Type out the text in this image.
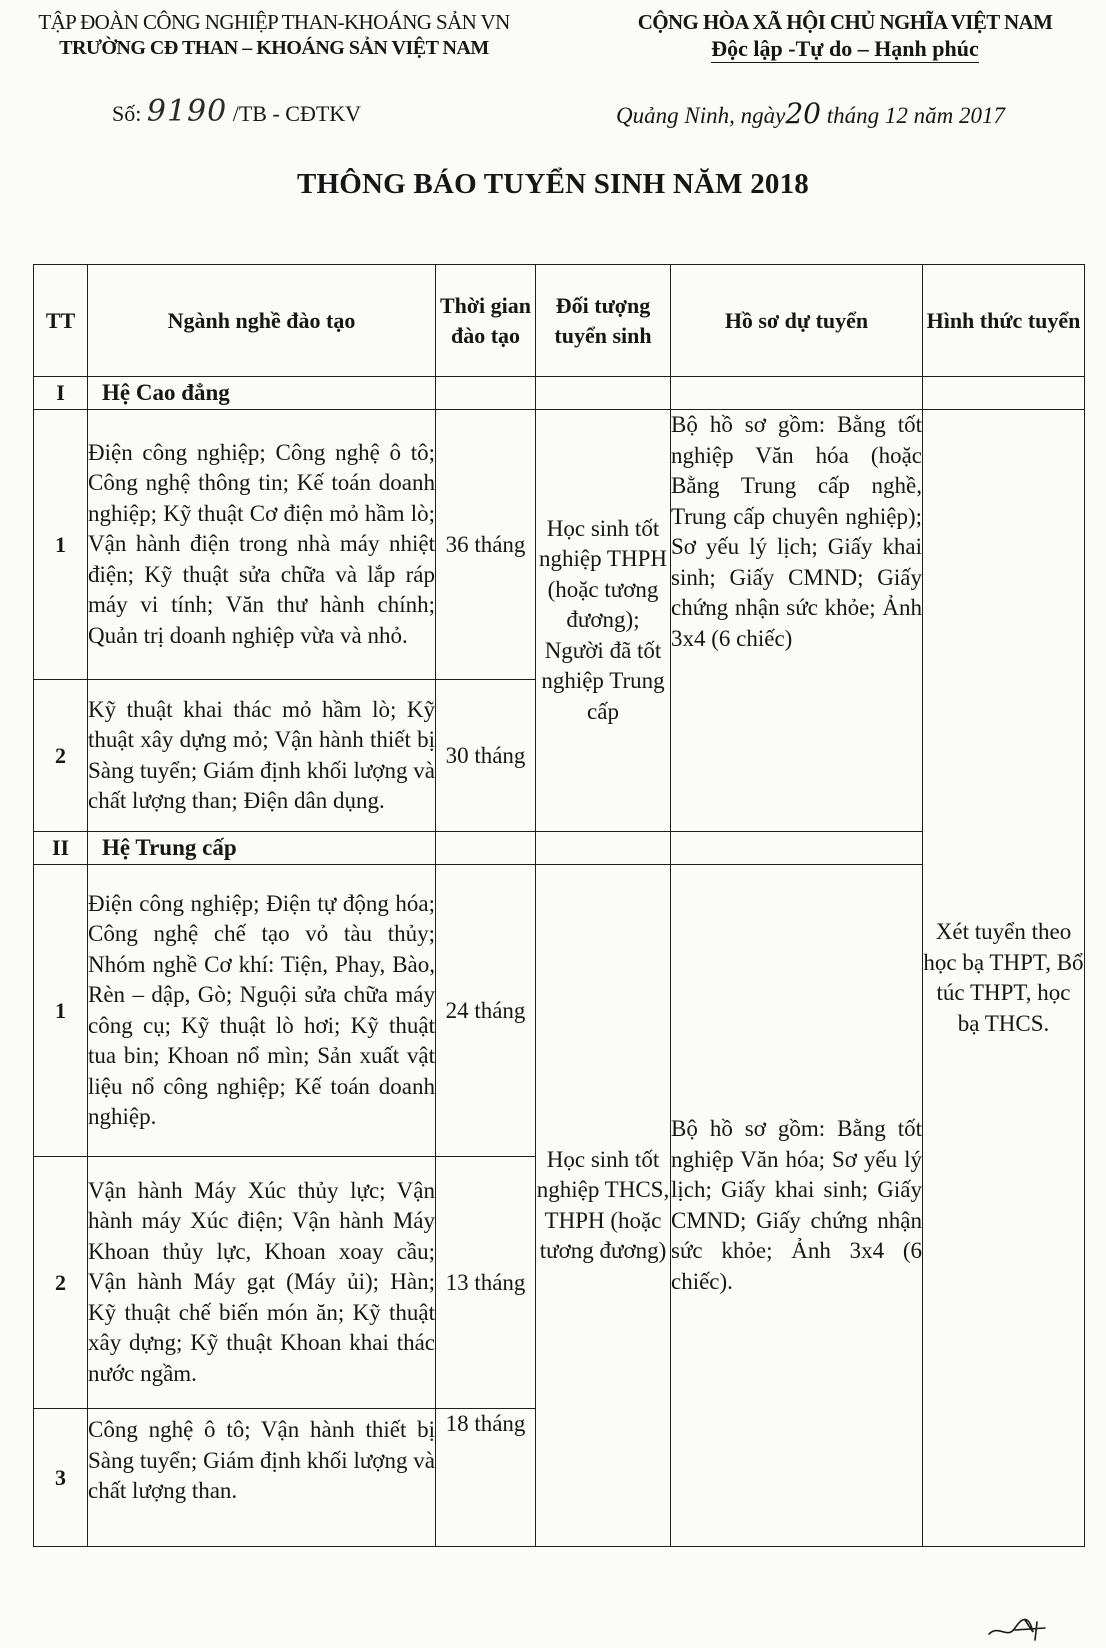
TẬP ĐOÀN CÔNG NGHIỆP THAN-KHOÁNG SẢN VN
TRƯỜNG CĐ THAN – KHOÁNG SẢN VIỆT NAM
CỘNG HÒA XÃ HỘI CHỦ NGHĨA VIỆT NAM
Độc lập -Tự do – Hạnh phúc
Số: 9190 /TB - CĐTKV	Quảng Ninh, ngày20 tháng 12 năm 2017
THÔNG BÁO TUYỂN SINH NĂM 2018
TT	Ngành nghề đào tạo	Thời gian đào tạo	Đối tượng tuyển sinh	Hồ sơ dự tuyển	Hình thức tuyển
I	Hệ Cao đẳng				
1	Điện công nghiệp; Công nghệ ô tô; Công nghệ thông tin; Kế toán doanh nghiệp; Kỹ thuật Cơ điện mỏ hầm lò; Vận hành điện trong nhà máy nhiệt điện; Kỹ thuật sửa chữa và lắp ráp máy vi tính; Văn thư hành chính; Quản trị doanh nghiệp vừa và nhỏ.	36 tháng	Học sinh tốt nghiệp THPH (hoặc tương đương); Người đã tốt nghiệp Trung cấp	Bộ hồ sơ gồm: Bằng tốt nghiệp Văn hóa (hoặc Bằng Trung cấp nghề, Trung cấp chuyên nghiệp); Sơ yếu lý lịch; Giấy khai sinh; Giấy CMND; Giấy chứng nhận sức khỏe; Ảnh 3x4 (6 chiếc)	Xét tuyển theo học bạ THPT, Bổ túc THPT, học bạ THCS.
2	Kỹ thuật khai thác mỏ hầm lò; Kỹ thuật xây dựng mỏ; Vận hành thiết bị Sàng tuyển; Giám định khối lượng và chất lượng than; Điện dân dụng.	30 tháng			
II	Hệ Trung cấp				
1	Điện công nghiệp; Điện tự động hóa; Công nghệ chế tạo vỏ tàu thủy; Nhóm nghề Cơ khí: Tiện, Phay, Bào, Rèn – dập, Gò; Nguội sửa chữa máy công cụ; Kỹ thuật lò hơi; Kỹ thuật tua bin; Khoan nổ mìn; Sản xuất vật liệu nổ công nghiệp; Kế toán doanh nghiệp.	24 tháng	Học sinh tốt nghiệp THCS, THPH (hoặc tương đương)	Bộ hồ sơ gồm: Bằng tốt nghiệp Văn hóa; Sơ yếu lý lịch; Giấy khai sinh; Giấy CMND; Giấy chứng nhận sức khỏe; Ảnh 3x4 (6 chiếc).	
2	Vận hành Máy Xúc thủy lực; Vận hành máy Xúc điện; Vận hành Máy Khoan thủy lực, Khoan xoay cầu; Vận hành Máy gạt (Máy ủi); Hàn; Kỹ thuật chế biến món ăn; Kỹ thuật xây dựng; Kỹ thuật Khoan khai thác nước ngầm.	13 tháng			
3	Công nghệ ô tô; Vận hành thiết bị Sàng tuyển; Giám định khối lượng và chất lượng than.	18 tháng			
